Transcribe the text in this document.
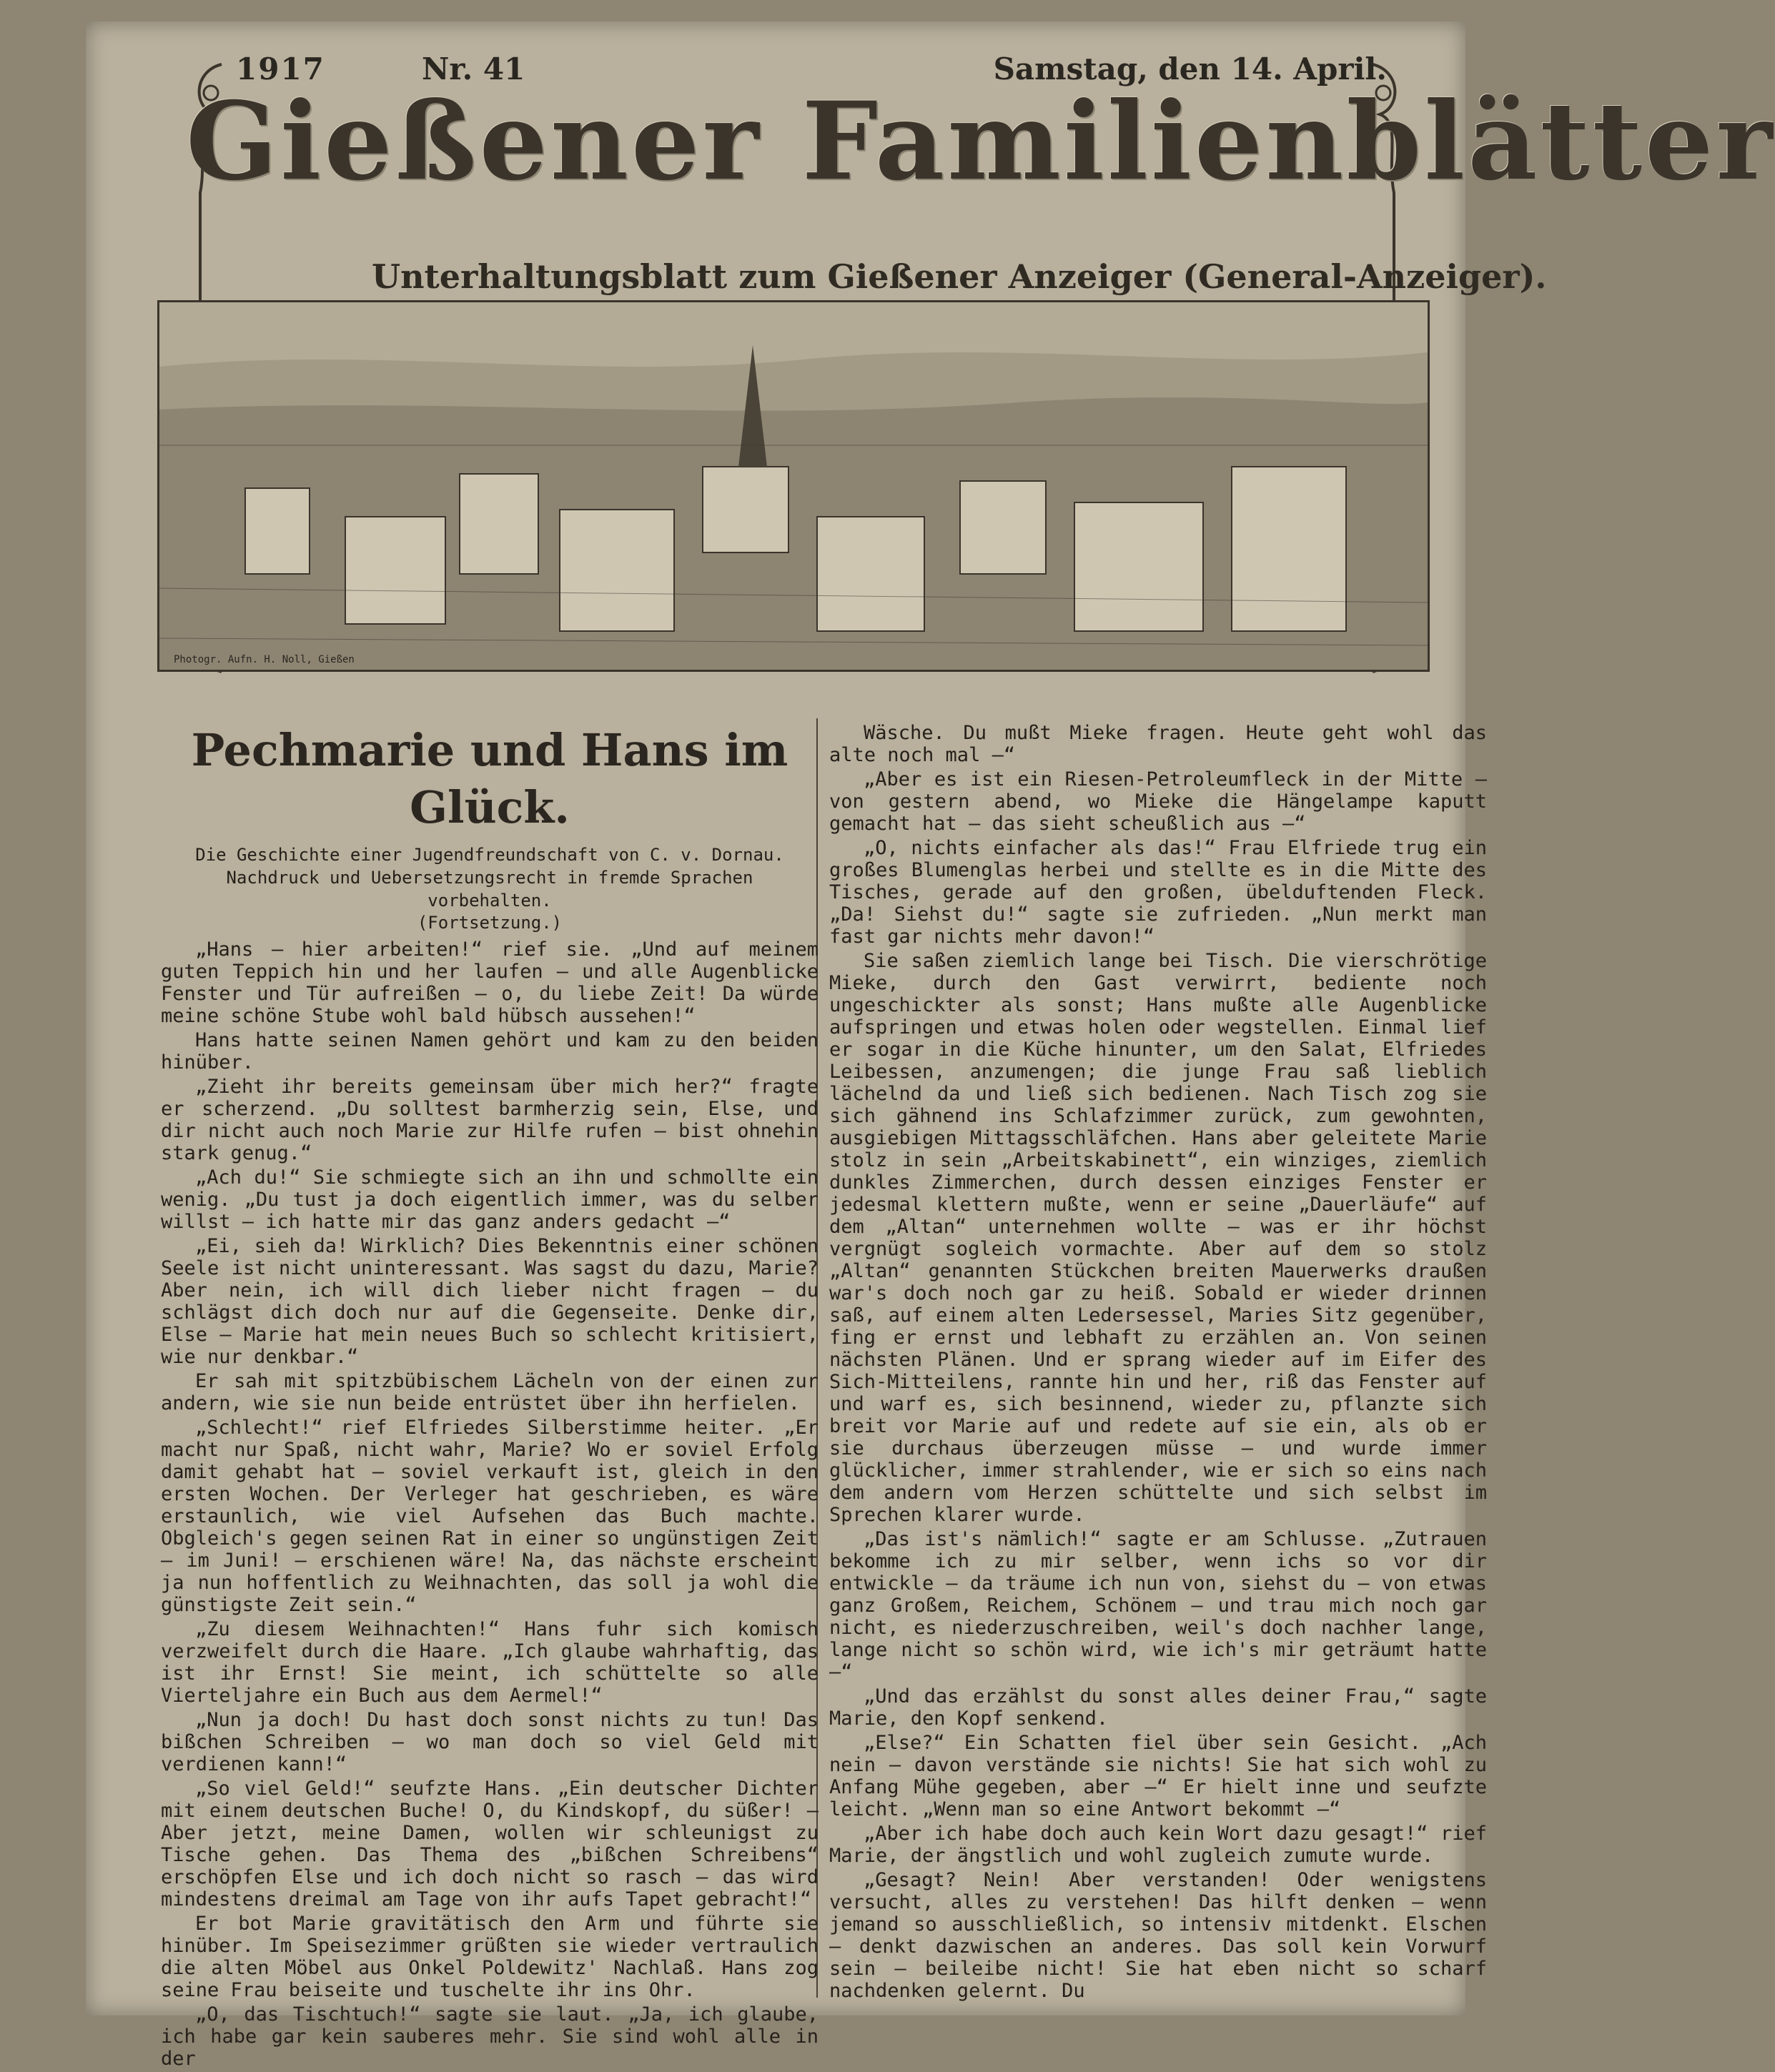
1917	Nr. 41	Samstag, den 14. April.
Gießener Familienblätter
Unterhaltungsblatt zum Gießener Anzeiger (General-Anzeiger).
Photogr. Aufn. H. Noll, Gießen
Pechmarie und Hans im Glück.
Die Geschichte einer Jugendfreundschaft von C. v. Dornau.
Nachdruck und Uebersetzungsrecht in fremde Sprachen vorbehalten.
(Fortsetzung.)

„Hans — hier arbeiten!“ rief sie. „Und auf meinem guten Teppich hin und her laufen — und alle Augenblicke Fenster und Tür aufreißen — o, du liebe Zeit! Da würde meine schöne Stube wohl bald hübsch aussehen!“

Hans hatte seinen Namen gehört und kam zu den beiden hinüber.

„Zieht ihr bereits gemeinsam über mich her?“ fragte er scherzend. „Du solltest barmherzig sein, Else, und dir nicht auch noch Marie zur Hilfe rufen — bist ohnehin stark genug.“

„Ach du!“ Sie schmiegte sich an ihn und schmollte ein wenig. „Du tust ja doch eigentlich immer, was du selber willst — ich hatte mir das ganz anders gedacht —“

„Ei, sieh da! Wirklich? Dies Bekenntnis einer schönen Seele ist nicht uninteressant. Was sagst du dazu, Marie? Aber nein, ich will dich lieber nicht fragen — du schlägst dich doch nur auf die Gegenseite. Denke dir, Else — Marie hat mein neues Buch so schlecht kritisiert, wie nur denkbar.“

Er sah mit spitzbübischem Lächeln von der einen zur andern, wie sie nun beide entrüstet über ihn herfielen.

„Schlecht!“ rief Elfriedes Silberstimme heiter. „Er macht nur Spaß, nicht wahr, Marie? Wo er soviel Erfolg damit gehabt hat — soviel verkauft ist, gleich in den ersten Wochen. Der Verleger hat geschrieben, es wäre erstaunlich, wie viel Aufsehen das Buch machte. Obgleich's gegen seinen Rat in einer so ungünstigen Zeit — im Juni! — erschienen wäre! Na, das nächste erscheint ja nun hoffentlich zu Weihnachten, das soll ja wohl die günstigste Zeit sein.“

„Zu diesem Weihnachten!“ Hans fuhr sich komisch verzweifelt durch die Haare. „Ich glaube wahrhaftig, das ist ihr Ernst! Sie meint, ich schüttelte so alle Vierteljahre ein Buch aus dem Aermel!“

„Nun ja doch! Du hast doch sonst nichts zu tun! Das bißchen Schreiben — wo man doch so viel Geld mit verdienen kann!“

„So viel Geld!“ seufzte Hans. „Ein deutscher Dichter mit einem deutschen Buche! O, du Kindskopf, du süßer! — Aber jetzt, meine Damen, wollen wir schleunigst zu Tische gehen. Das Thema des „bißchen Schreibens“ erschöpfen Else und ich doch nicht so rasch — das wird mindestens dreimal am Tage von ihr aufs Tapet gebracht!“

Er bot Marie gravitätisch den Arm und führte sie hinüber. Im Speisezimmer grüßten sie wieder vertraulich die alten Möbel aus Onkel Poldewitz' Nachlaß. Hans zog seine Frau beiseite und tuschelte ihr ins Ohr.

„O, das Tischtuch!“ sagte sie laut. „Ja, ich glaube, ich habe gar kein sauberes mehr. Sie sind wohl alle in der

Wäsche. Du mußt Mieke fragen. Heute geht wohl das alte noch mal —“

„Aber es ist ein Riesen-Petroleumfleck in der Mitte — von gestern abend, wo Mieke die Hängelampe kaputt gemacht hat — das sieht scheußlich aus —“

„O, nichts einfacher als das!“ Frau Elfriede trug ein großes Blumenglas herbei und stellte es in die Mitte des Tisches, gerade auf den großen, übelduftenden Fleck. „Da! Siehst du!“ sagte sie zufrieden. „Nun merkt man fast gar nichts mehr davon!“

Sie saßen ziemlich lange bei Tisch. Die vierschrötige Mieke, durch den Gast verwirrt, bediente noch ungeschickter als sonst; Hans mußte alle Augenblicke aufspringen und etwas holen oder wegstellen. Einmal lief er sogar in die Küche hinunter, um den Salat, Elfriedes Leibessen, anzumengen; die junge Frau saß lieblich lächelnd da und ließ sich bedienen. Nach Tisch zog sie sich gähnend ins Schlafzimmer zurück, zum gewohnten, ausgiebigen Mittagsschläfchen. Hans aber geleitete Marie stolz in sein „Arbeitskabinett“, ein winziges, ziemlich dunkles Zimmerchen, durch dessen einziges Fenster er jedesmal klettern mußte, wenn er seine „Dauerläufe“ auf dem „Altan“ unternehmen wollte — was er ihr höchst vergnügt sogleich vormachte. Aber auf dem so stolz „Altan“ genannten Stückchen breiten Mauerwerks draußen war's doch noch gar zu heiß. Sobald er wieder drinnen saß, auf einem alten Ledersessel, Maries Sitz gegenüber, fing er ernst und lebhaft zu erzählen an. Von seinen nächsten Plänen. Und er sprang wieder auf im Eifer des Sich-Mitteilens, rannte hin und her, riß das Fenster auf und warf es, sich besinnend, wieder zu, pflanzte sich breit vor Marie auf und redete auf sie ein, als ob er sie durchaus überzeugen müsse — und wurde immer glücklicher, immer strahlender, wie er sich so eins nach dem andern vom Herzen schüttelte und sich selbst im Sprechen klarer wurde.

„Das ist's nämlich!“ sagte er am Schlusse. „Zutrauen bekomme ich zu mir selber, wenn ichs so vor dir entwickle — da träume ich nun von, siehst du — von etwas ganz Großem, Reichem, Schönem — und trau mich noch gar nicht, es niederzuschreiben, weil's doch nachher lange, lange nicht so schön wird, wie ich's mir geträumt hatte —“

„Und das erzählst du sonst alles deiner Frau,“ sagte Marie, den Kopf senkend.

„Else?“ Ein Schatten fiel über sein Gesicht. „Ach nein — davon verstände sie nichts! Sie hat sich wohl zu Anfang Mühe gegeben, aber —“ Er hielt inne und seufzte leicht. „Wenn man so eine Antwort bekommt —“

„Aber ich habe doch auch kein Wort dazu gesagt!“ rief Marie, der ängstlich und wohl zugleich zumute wurde.

„Gesagt? Nein! Aber verstanden! Oder wenigstens versucht, alles zu verstehen! Das hilft denken — wenn jemand so ausschließlich, so intensiv mitdenkt. Elschen — denkt dazwischen an anderes. Das soll kein Vorwurf sein — beileibe nicht! Sie hat eben nicht so scharf nachdenken gelernt. Du
